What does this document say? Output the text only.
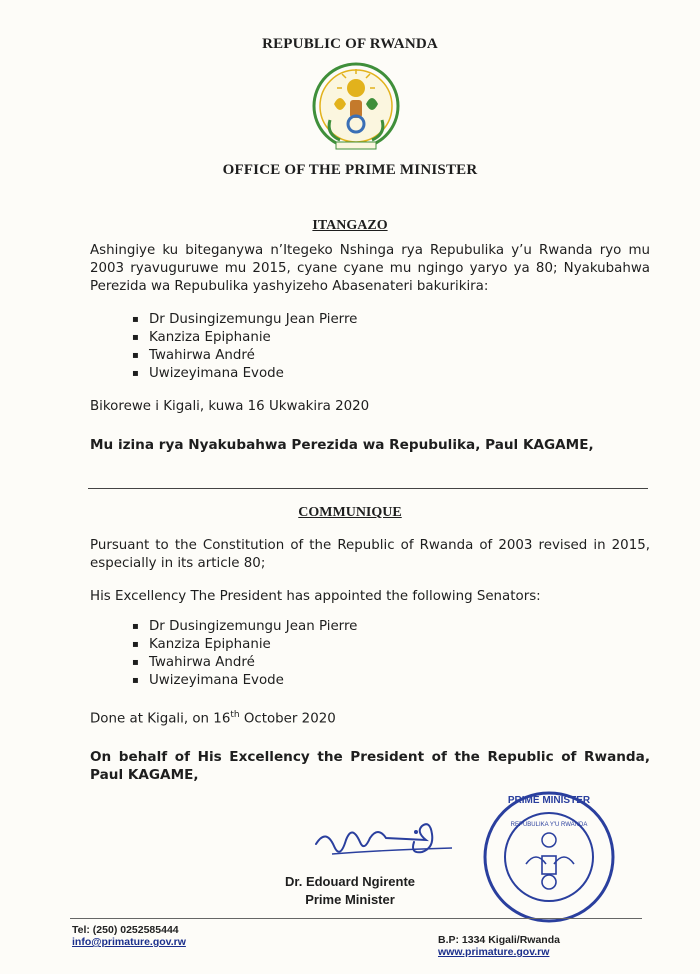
REPUBLIC OF RWANDA
OFFICE OF THE PRIME MINISTER
ITANGAZO
Ashingiye ku biteganywa n’Itegeko Nshinga rya Repubulika y’u Rwanda ryo mu 2003 ryavuguruwe mu 2015, cyane cyane mu ngingo yaryo ya 80; Nyakubahwa Perezida wa Repubulika yashyizeho Abasenateri bakurikira:
▪ Dr Dusingizemungu Jean Pierre
▪ Kanziza Epiphanie
▪ Twahirwa André
▪ Uwizeyimana Evode
Bikorewe i Kigali, kuwa 16 Ukwakira 2020
Mu izina rya Nyakubahwa Perezida wa Repubulika, Paul KAGAME,
COMMUNIQUE
Pursuant to the Constitution of the Republic of Rwanda of 2003 revised in 2015, especially in its article 80;
His Excellency The President has appointed the following Senators:
▪ Dr Dusingizemungu Jean Pierre
▪ Kanziza Epiphanie
▪ Twahirwa André
▪ Uwizeyimana Evode
Done at Kigali, on 16th October 2020
On behalf of His Excellency the President of the Republic of Rwanda, Paul KAGAME,
PRIME MINISTER
REPUBULIKA Y'U RWANDA
Dr. Edouard Ngirente
Prime Minister
Tel: (250) 0252585444
info@primature.gov.rw	B.P: 1334 Kigali/Rwanda
www.primature.gov.rw
